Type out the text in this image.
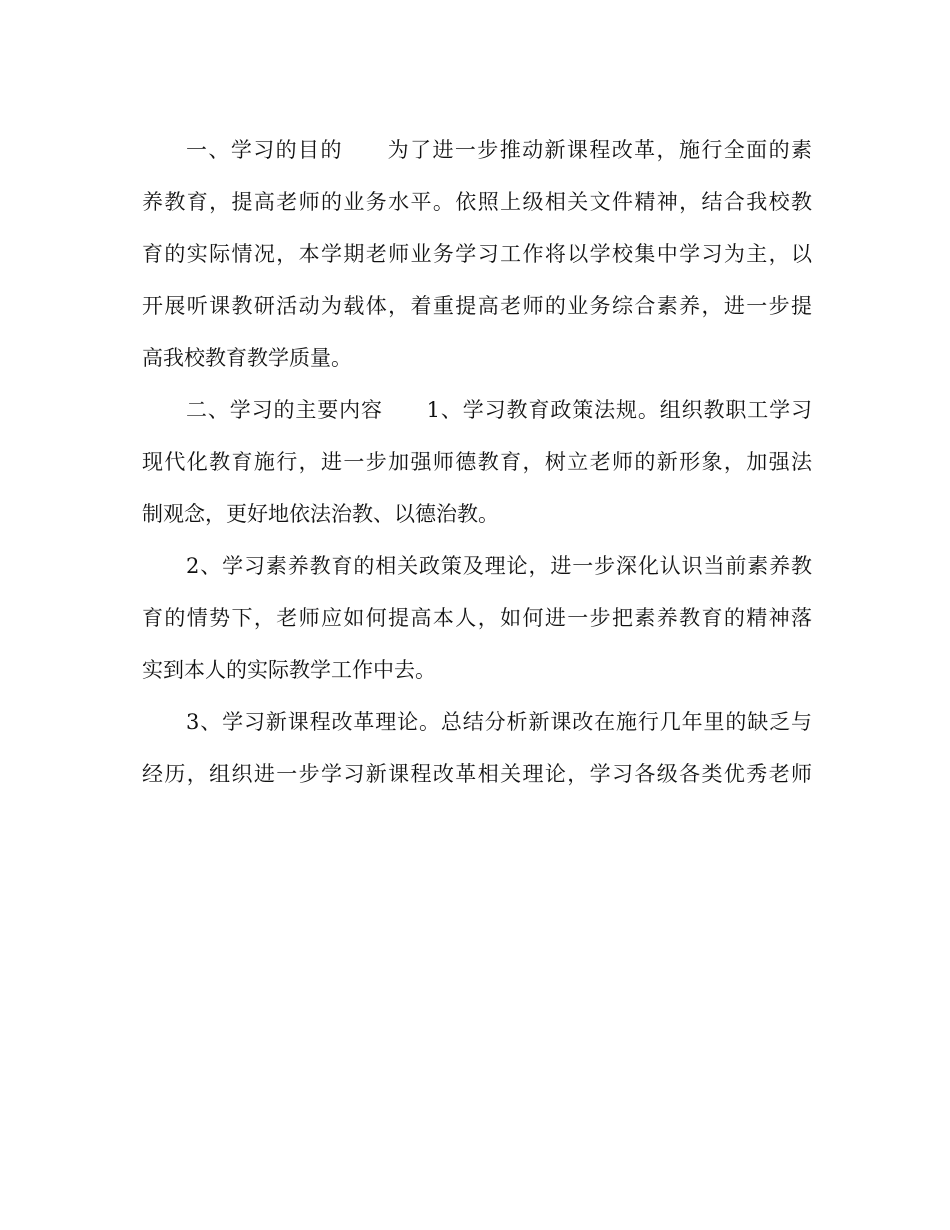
一、学习的目的　　为了进一步推动新课程改革，施行全面的素
养教育，提高老师的业务水平。依照上级相关文件精神，结合我校教
育的实际情况，本学期老师业务学习工作将以学校集中学习为主，以
开展听课教研活动为载体，着重提高老师的业务综合素养，进一步提
高我校教育教学质量。
二、学习的主要内容　　1、学习教育政策法规。组织教职工学习
现代化教育施行，进一步加强师德教育，树立老师的新形象，加强法
制观念，更好地依法治教、以德治教。
2、学习素养教育的相关政策及理论，进一步深化认识当前素养教
育的情势下，老师应如何提高本人，如何进一步把素养教育的精神落
实到本人的实际教学工作中去。
3、学习新课程改革理论。总结分析新课改在施行几年里的缺乏与
经历，组织进一步学习新课程改革相关理论，学习各级各类优秀老师
